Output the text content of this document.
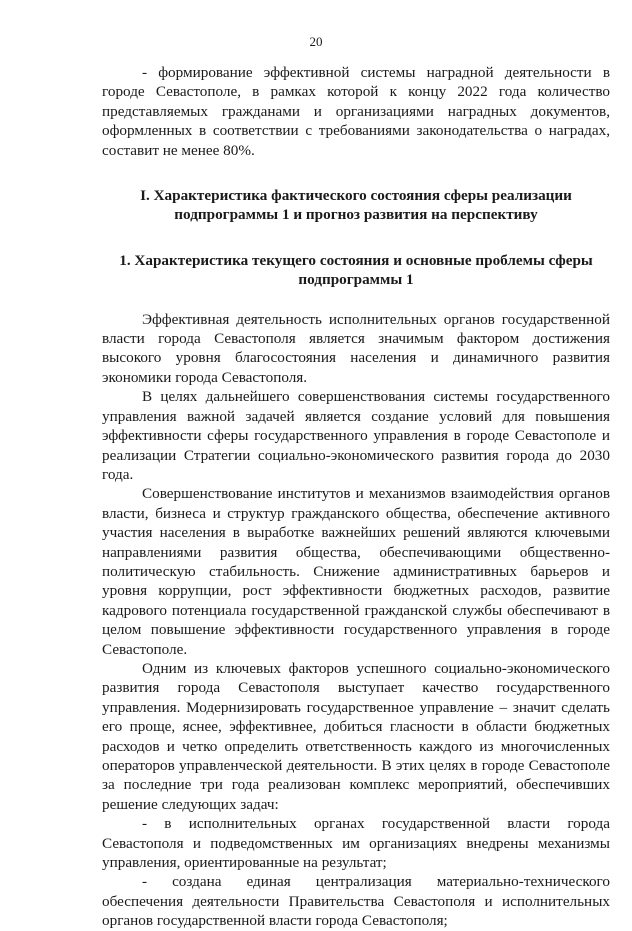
20

- формирование эффективной системы наградной деятельности в городе Севастополе, в рамках которой к концу 2022 года количество представляемых гражданами и организациями наградных документов, оформленных в соответствии с требованиями законодательства о наградах, составит не менее 80%.

I. Характеристика фактического состояния сферы реализации подпрограммы 1 и прогноз развития на перспективу

1. Характеристика текущего состояния и основные проблемы сферы подпрограммы 1

Эффективная деятельность исполнительных органов государственной власти города Севастополя является значимым фактором достижения высокого уровня благосостояния населения и динамичного развития экономики города Севастополя.

В целях дальнейшего совершенствования системы государственного управления важной задачей является создание условий для повышения эффективности сферы государственного управления в городе Севастополе и реализации Стратегии социально-экономического развития города до 2030 года.

Совершенствование институтов и механизмов взаимодействия органов власти, бизнеса и структур гражданского общества, обеспечение активного участия населения в выработке важнейших решений являются ключевыми направлениями развития общества, обеспечивающими общественно-политическую стабильность. Снижение административных барьеров и уровня коррупции, рост эффективности бюджетных расходов, развитие кадрового потенциала государственной гражданской службы обеспечивают в целом повышение эффективности государственного управления в городе Севастополе.

Одним из ключевых факторов успешного социально-экономического развития города Севастополя выступает качество государственного управления. Модернизировать государственное управление – значит сделать его проще, яснее, эффективнее, добиться гласности в области бюджетных расходов и четко определить ответственность каждого из многочисленных операторов управленческой деятельности. В этих целях в городе Севастополе за последние три года реализован комплекс мероприятий, обеспечивших решение следующих задач:

- в исполнительных органах государственной власти города Севастополя и подведомственных им организациях внедрены механизмы управления, ориентированные на результат;

- создана единая централизация материально-технического обеспечения деятельности Правительства Севастополя и исполнительных органов государственной власти города Севастополя;
